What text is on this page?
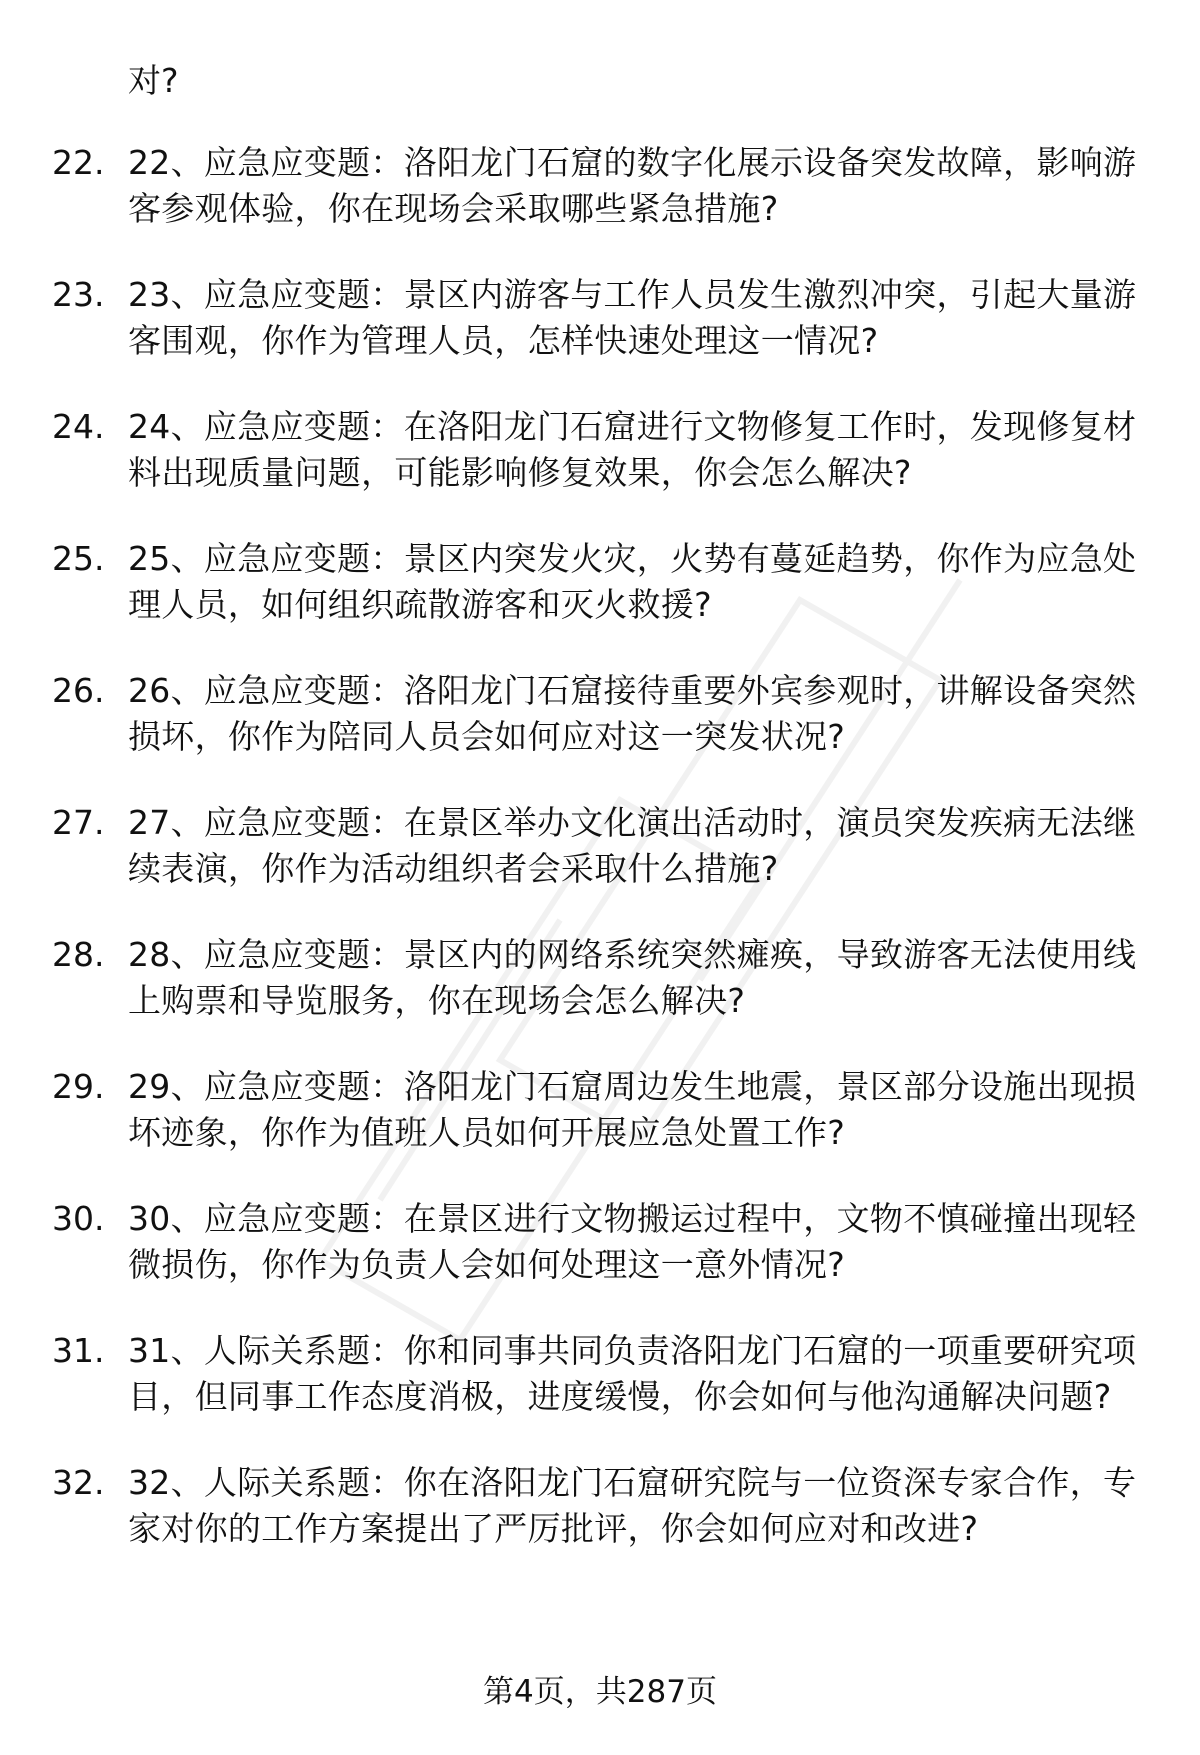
对?
22. 22、应急应变题：洛阳龙门石窟的数字化展示设备突发故障，影响游客参观体验，你在现场会采取哪些紧急措施?
23. 23、应急应变题：景区内游客与工作人员发生激烈冲突，引起大量游客围观，你作为管理人员，怎样快速处理这一情况?
24. 24、应急应变题：在洛阳龙门石窟进行文物修复工作时，发现修复材料出现质量问题，可能影响修复效果，你会怎么解决?
25. 25、应急应变题：景区内突发火灾，火势有蔓延趋势，你作为应急处理人员，如何组织疏散游客和灭火救援?
26. 26、应急应变题：洛阳龙门石窟接待重要外宾参观时，讲解设备突然损坏，你作为陪同人员会如何应对这一突发状况?
27. 27、应急应变题：在景区举办文化演出活动时，演员突发疾病无法继续表演，你作为活动组织者会采取什么措施?
28. 28、应急应变题：景区内的网络系统突然瘫痪，导致游客无法使用线上购票和导览服务，你在现场会怎么解决?
29. 29、应急应变题：洛阳龙门石窟周边发生地震，景区部分设施出现损坏迹象，你作为值班人员如何开展应急处置工作?
30. 30、应急应变题：在景区进行文物搬运过程中，文物不慎碰撞出现轻微损伤，你作为负责人会如何处理这一意外情况?
31. 31、人际关系题：你和同事共同负责洛阳龙门石窟的一项重要研究项目，但同事工作态度消极，进度缓慢，你会如何与他沟通解决问题?
32. 32、人际关系题：你在洛阳龙门石窟研究院与一位资深专家合作，专家对你的工作方案提出了严厉批评，你会如何应对和改进?
第4页，共287页
